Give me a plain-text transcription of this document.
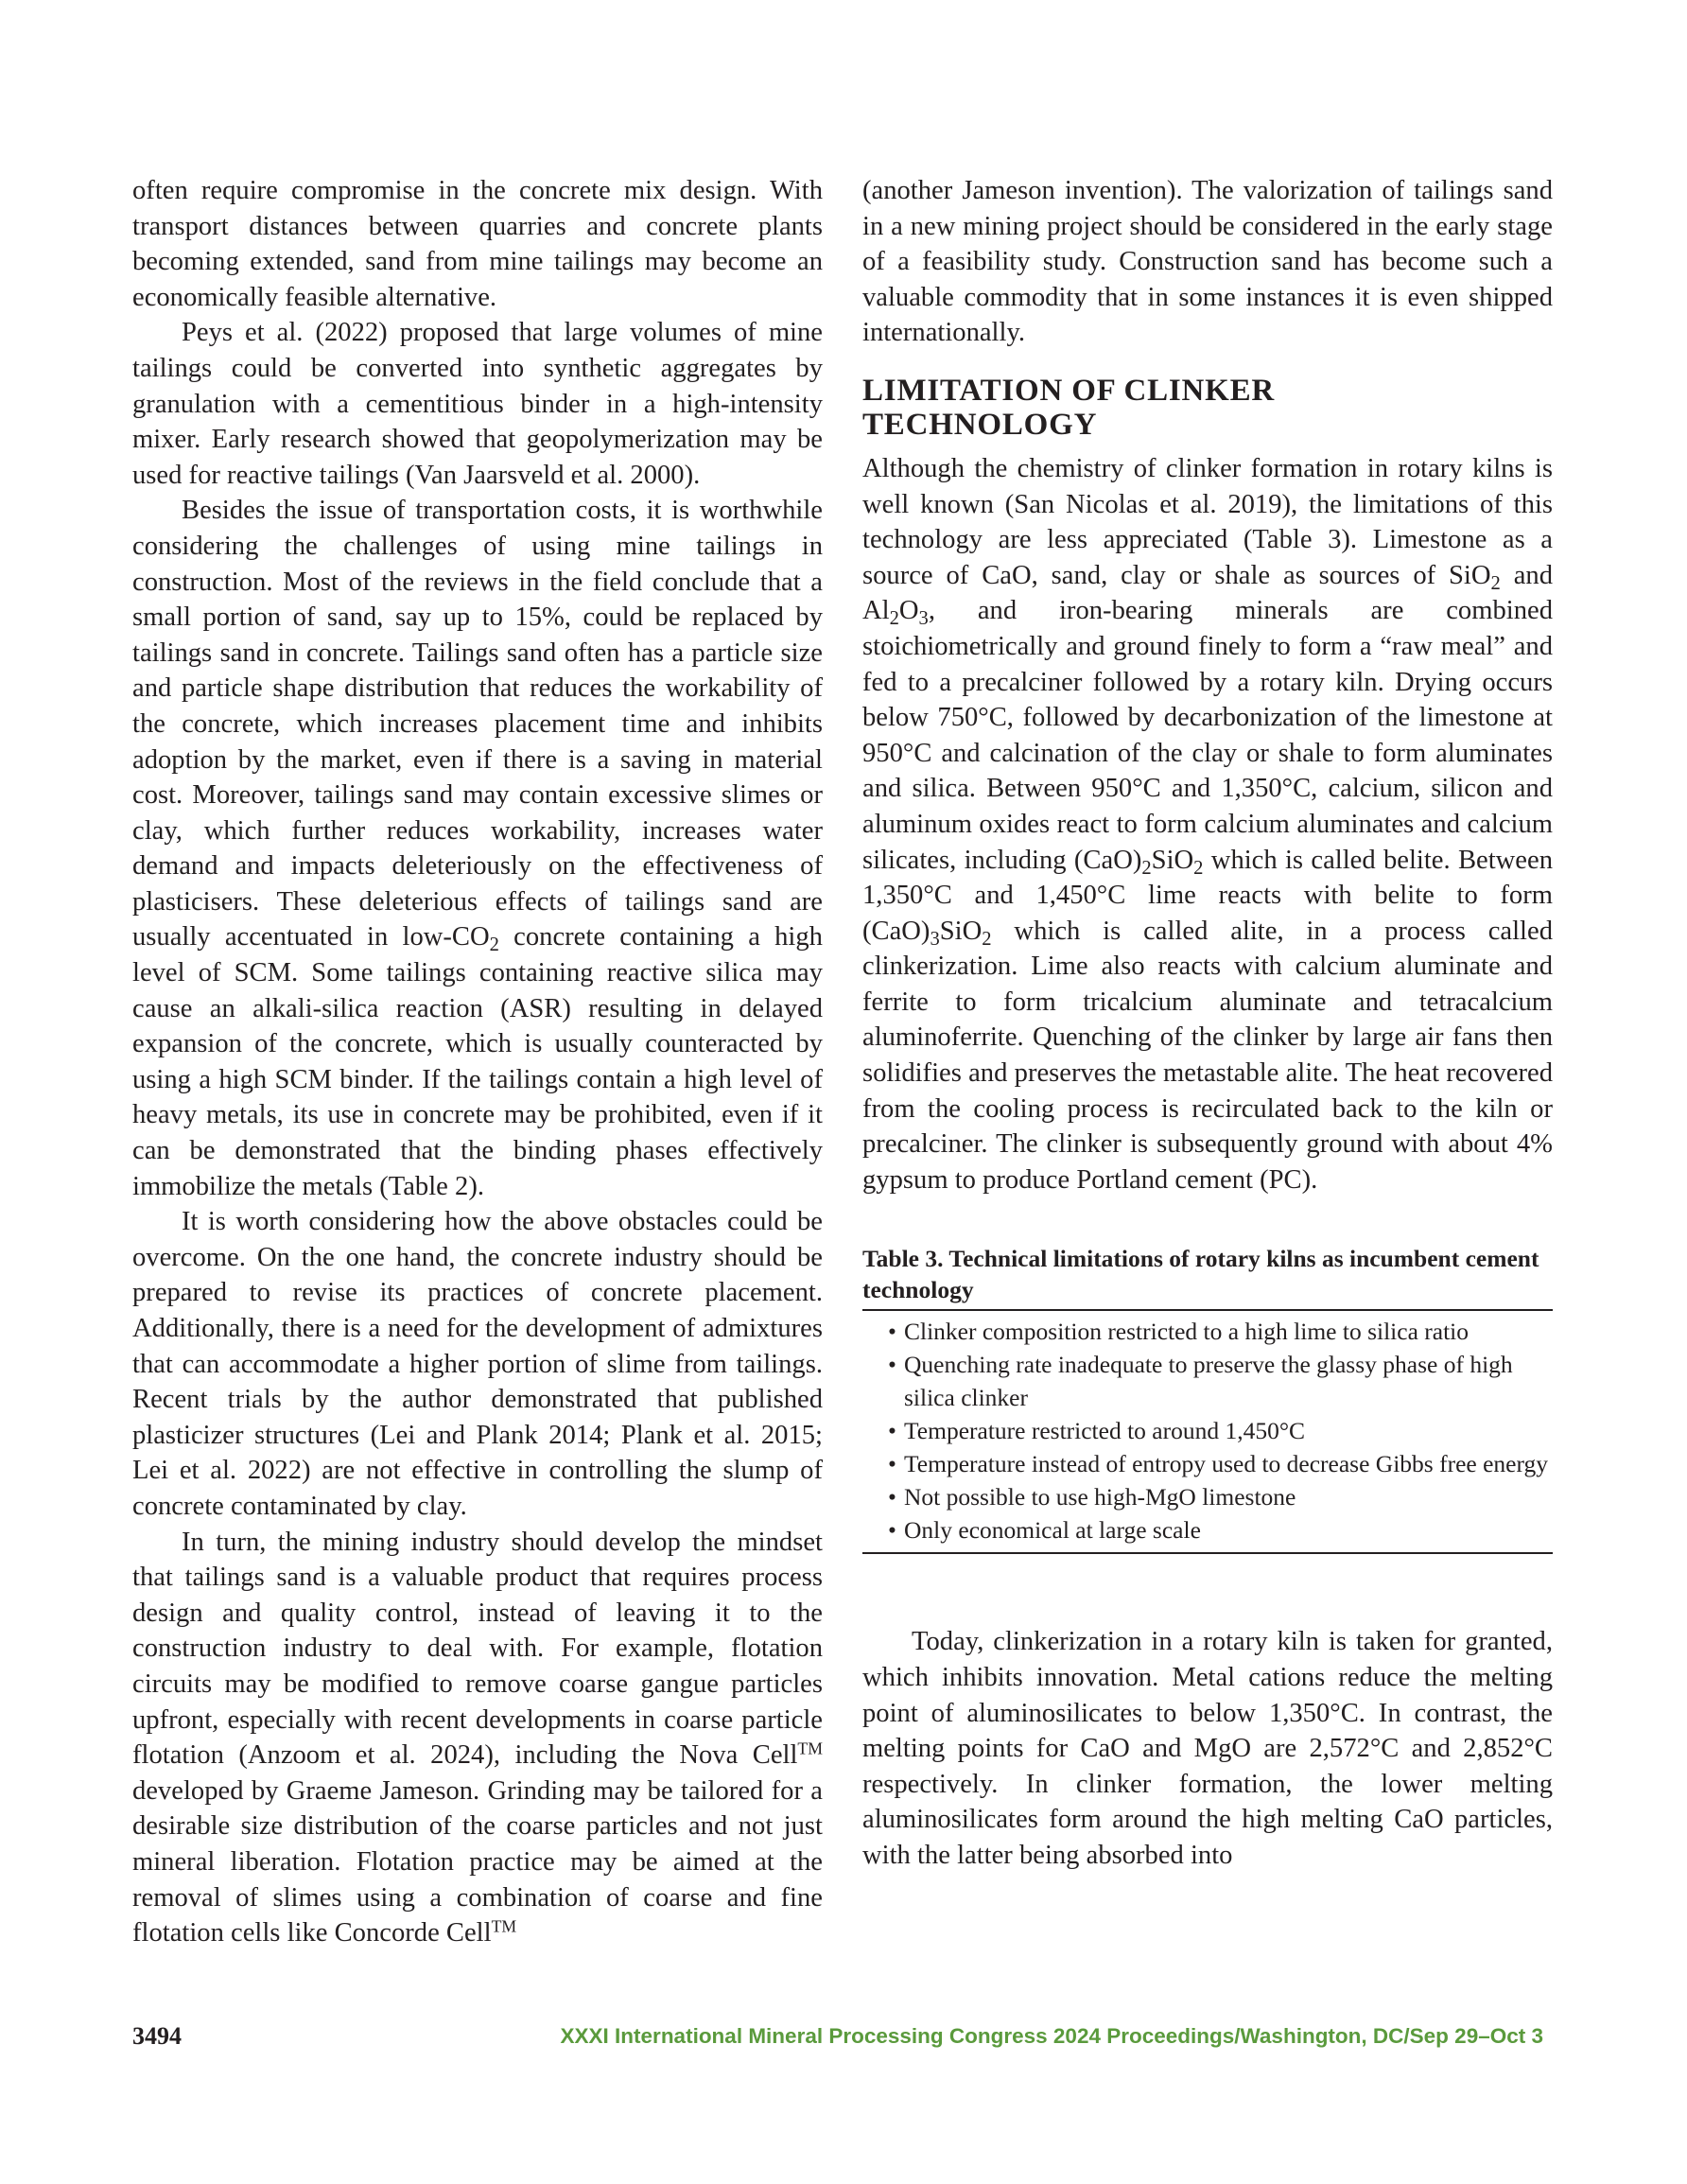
often require compromise in the concrete mix design. With transport distances between quarries and concrete plants becoming extended, sand from mine tailings may become an economically feasible alternative.

Peys et al. (2022) proposed that large volumes of mine tailings could be converted into synthetic aggregates by granulation with a cementitious binder in a high-intensity mixer. Early research showed that geopolymerization may be used for reactive tailings (Van Jaarsveld et al. 2000).

Besides the issue of transportation costs, it is worthwhile considering the challenges of using mine tailings in construction. Most of the reviews in the field conclude that a small portion of sand, say up to 15%, could be replaced by tailings sand in concrete. Tailings sand often has a particle size and particle shape distribution that reduces the workability of the concrete, which increases placement time and inhibits adoption by the market, even if there is a saving in material cost. Moreover, tailings sand may contain excessive slimes or clay, which further reduces workability, increases water demand and impacts deleteriously on the effectiveness of plasticisers. These deleterious effects of tailings sand are usually accentuated in low-$CO_2$ concrete containing a high level of SCM. Some tailings containing reactive silica may cause an alkali-silica reaction (ASR) resulting in delayed expansion of the concrete, which is usually counteracted by using a high SCM binder. If the tailings contain a high level of heavy metals, its use in concrete may be prohibited, even if it can be demonstrated that the binding phases effectively immobilize the metals (Table 2).

It is worth considering how the above obstacles could be overcome. On the one hand, the concrete industry should be prepared to revise its practices of concrete placement. Additionally, there is a need for the development of admixtures that can accommodate a higher portion of slime from tailings. Recent trials by the author demonstrated that published plasticizer structures (Lei and Plank 2014; Plank et al. 2015; Lei et al. 2022) are not effective in controlling the slump of concrete contaminated by clay.

In turn, the mining industry should develop the mindset that tailings sand is a valuable product that requires process design and quality control, instead of leaving it to the construction industry to deal with. For example, flotation circuits may be modified to remove coarse gangue particles upfront, especially with recent developments in coarse particle flotation (Anzoom et al. 2024), including the Nova Cell™ developed by Graeme Jameson. Grinding may be tailored for a desirable size distribution of the coarse particles and not just mineral liberation. Flotation practice may be aimed at the removal of slimes using a combination of coarse and fine flotation cells like Concorde Cell™

(another Jameson invention). The valorization of tailings sand in a new mining project should be considered in the early stage of a feasibility study. Construction sand has become such a valuable commodity that in some instances it is even shipped internationally.

LIMITATION OF CLINKER
TECHNOLOGY

Although the chemistry of clinker formation in rotary kilns is well known (San Nicolas et al. 2019), the limitations of this technology are less appreciated (Table 3). Limestone as a source of CaO, sand, clay or shale as sources of SiO$_2$ and $Al_2O_3$, and iron-bearing minerals are combined stoichiometrically and ground finely to form a “raw meal” and fed to a precalciner followed by a rotary kiln. Drying occurs below 750°C, followed by decarbonization of the limestone at 950°C and calcination of the clay or shale to form aluminates and silica. Between 950°C and 1,350°C, calcium, silicon and aluminum oxides react to form calcium aluminates and calcium silicates, including $(CaO)_2SiO_2$ which is called belite. Between 1,350°C and 1,450°C lime reacts with belite to form $(CaO)_3SiO_2$ which is called alite, in a process called clinkerization. Lime also reacts with calcium aluminate and ferrite to form tricalcium aluminate and tetracalcium aluminoferrite. Quenching of the clinker by large air fans then solidifies and preserves the metastable alite. The heat recovered from the cooling process is recirculated back to the kiln or precalciner. The clinker is subsequently ground with about 4% gypsum to produce Portland cement (PC).

Table 3. Technical limitations of rotary kilns as incumbent cement technology
• Clinker composition restricted to a high lime to silica ratio
• Quenching rate inadequate to preserve the glassy phase of high silica clinker
• Temperature restricted to around 1,450°C
• Temperature instead of entropy used to decrease Gibbs free energy
• Not possible to use high-MgO limestone
• Only economical at large scale

Today, clinkerization in a rotary kiln is taken for granted, which inhibits innovation. Metal cations reduce the melting point of aluminosilicates to below 1,350°C. In contrast, the melting points for CaO and MgO are 2,572°C and 2,852°C respectively. In clinker formation, the lower melting aluminosilicates form around the high melting CaO particles, with the latter being absorbed into

3494	XXXI International Mineral Processing Congress 2024 Proceedings/Washington, DC/Sep 29–Oct 3
